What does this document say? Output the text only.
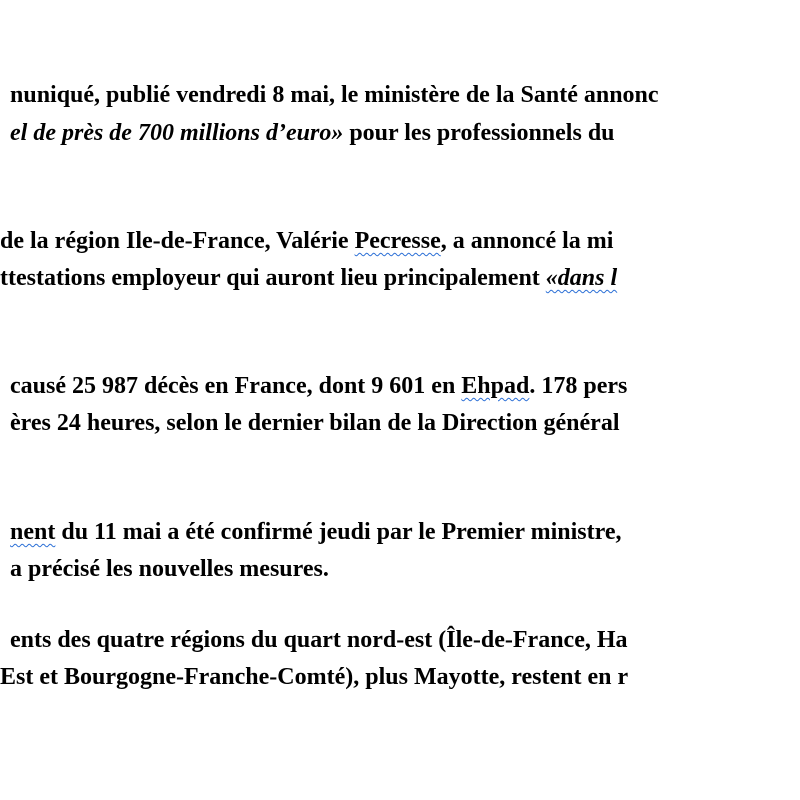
nuniqué, publié vendredi 8 mai, le ministère de la Santé annonc
el de près de 700 millions d’euro» pour les professionnels du
de la région Ile-de-France, Valérie Pecresse, a annoncé la mi
ttestations employeur qui auront lieu principalement «dans l
causé 25 987 décès en France, dont 9 601 en Ehpad. 178 pers
ères 24 heures, selon le dernier bilan de la Direction général
nent du 11 mai a été confirmé jeudi par le Premier ministre,
a précisé les nouvelles mesures.
ents des quatre régions du quart nord-est (Île-de-France, Ha
Est et Bourgogne-Franche-Comté), plus Mayotte, restent en r
